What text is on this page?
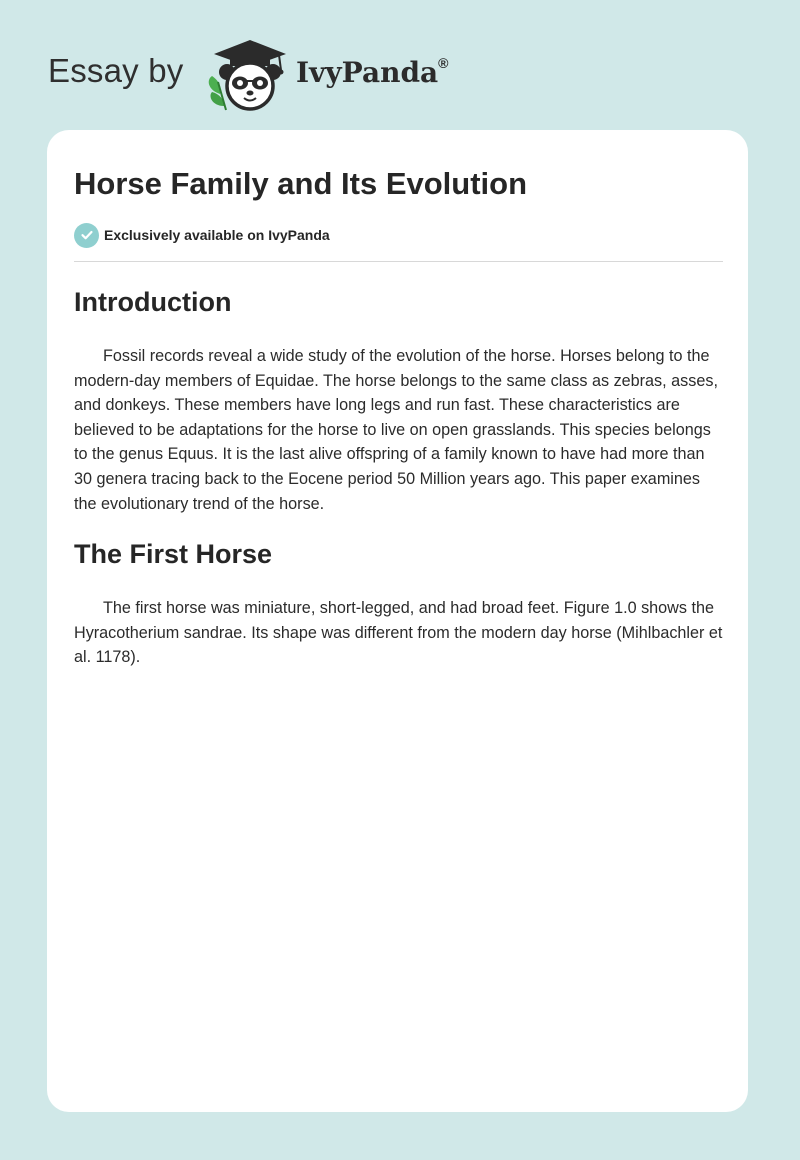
Essay by	IvyPanda®
Horse Family and Its Evolution
Exclusively available on IvyPanda
Introduction

Fossil records reveal a wide study of the evolution of the horse. Horses belong to the modern-day members of Equidae. The horse belongs to the same class as zebras, asses, and donkeys. These members have long legs and run fast. These characteristics are believed to be adaptations for the horse to live on open grasslands. This species belongs to the genus Equus. It is the last alive offspring of a family known to have had more than 30 genera tracing back to the Eocene period 50 Million years ago. This paper examines the evolutionary trend of the horse.

The First Horse

The first horse was miniature, short-legged, and had broad feet. Figure 1.0 shows the Hyracotherium sandrae. Its shape was different from the modern day horse (Mihlbachler et al. 1178).
